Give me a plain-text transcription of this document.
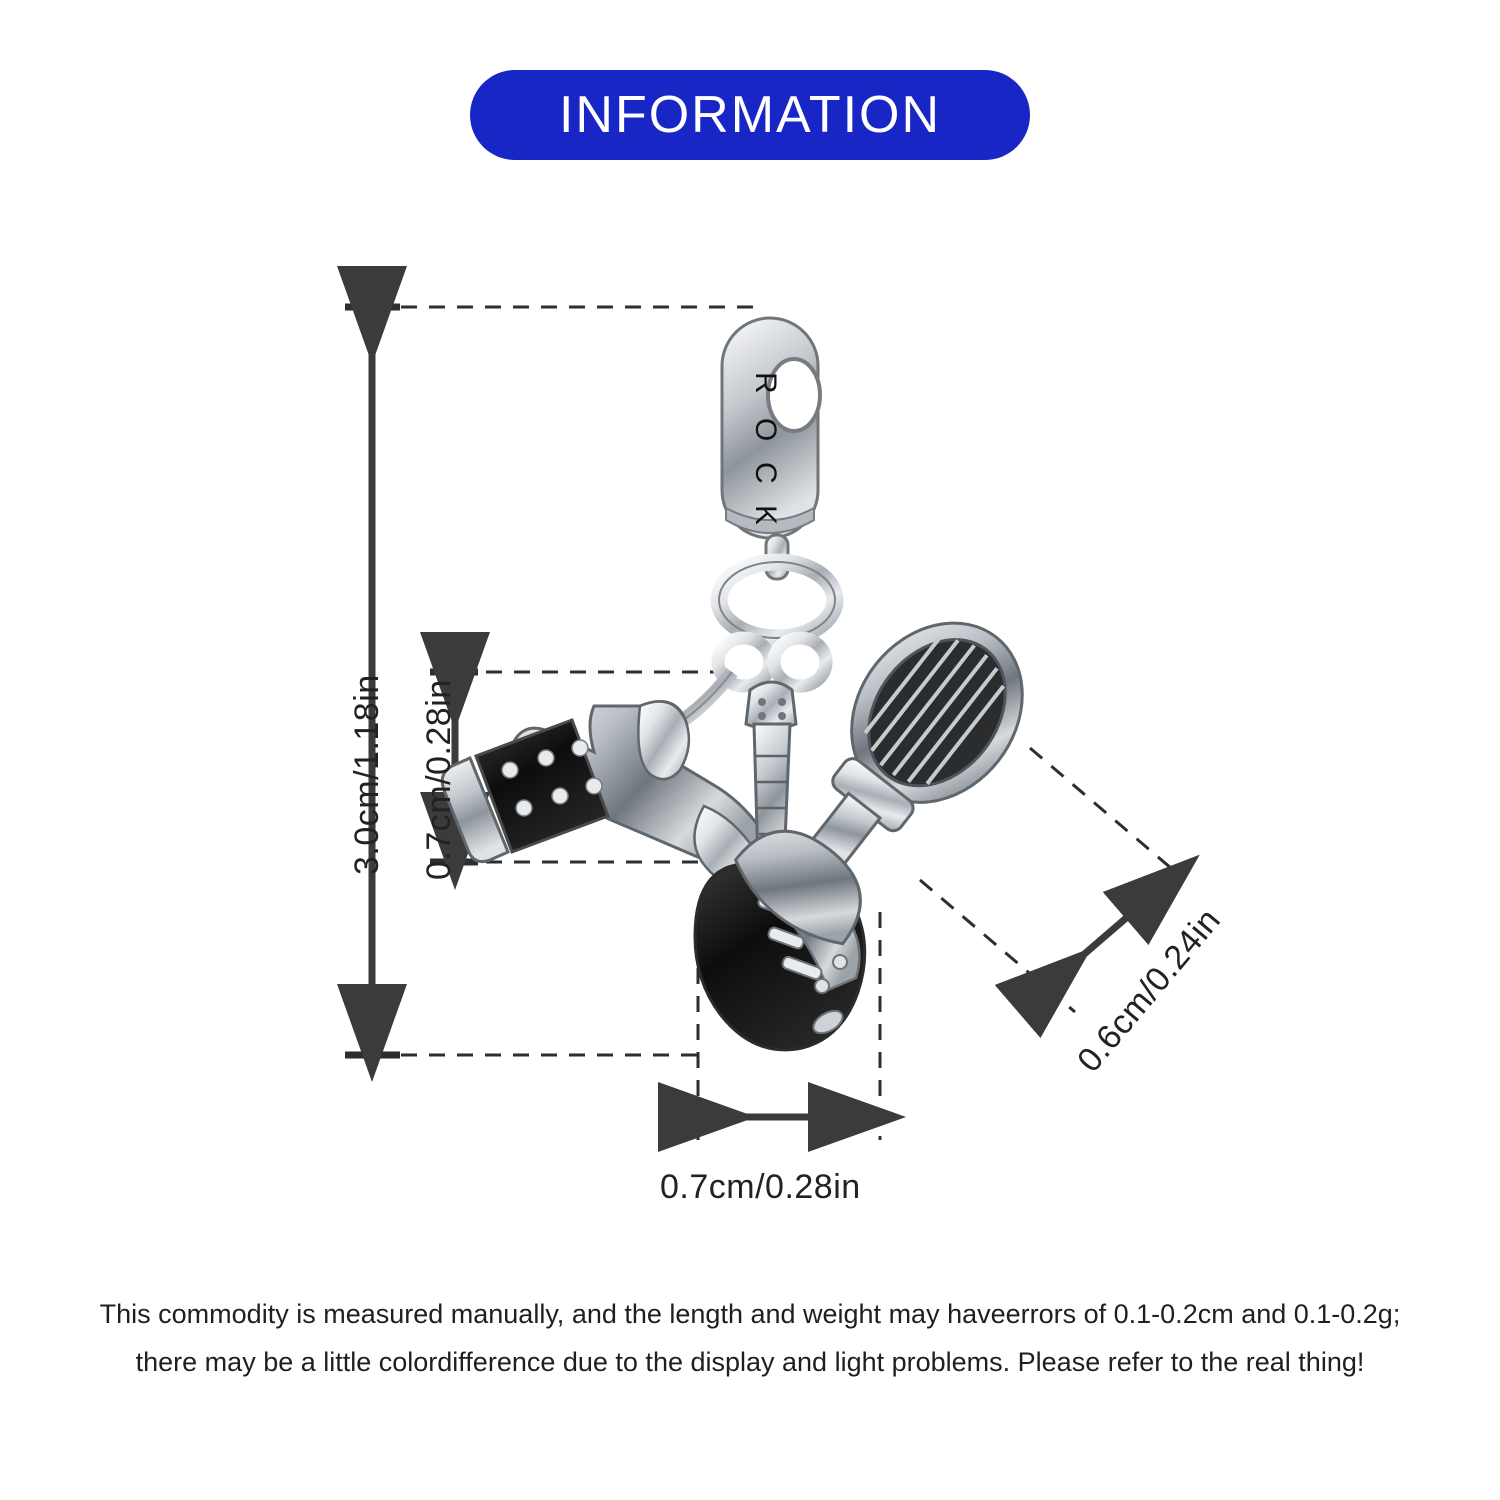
INFORMATION
R
O
C
K
3.0cm/1.18in 0.7cm/0.28in
0.7cm/0.28in
0.6cm/0.24in
This commodity is measured manually, and the length and weight may haveerrors of 0.1-0.2cm and 0.1-0.2g;
there may be a little colordifference due to the display and light problems. Please refer to the real thing!
